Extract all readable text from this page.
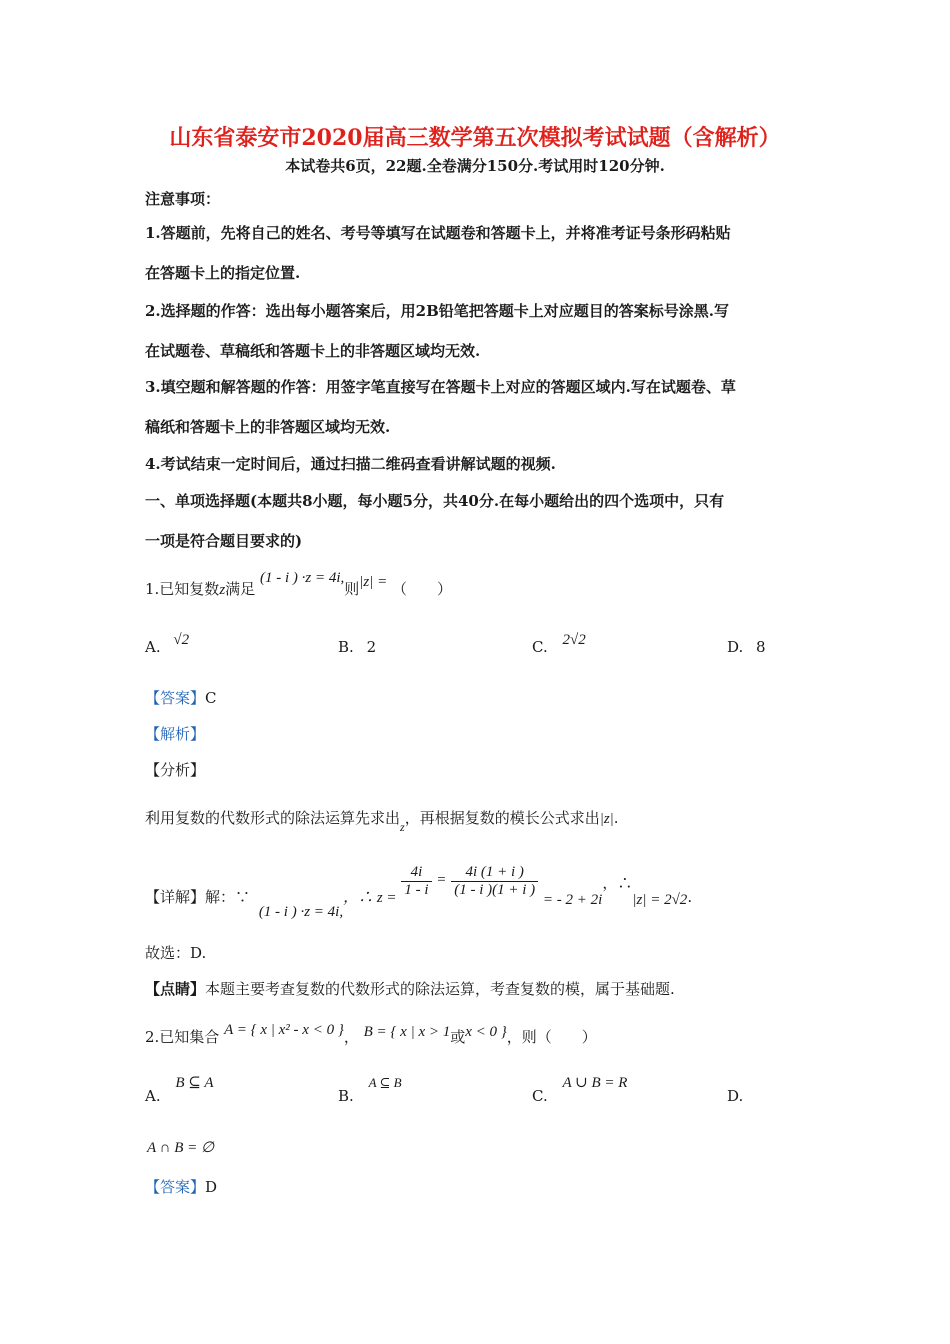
山东省泰安市2020届高三数学第五次模拟考试试题（含解析）
本试卷共6页，22题.全卷满分150分.考试用时120分钟.
注意事项：
1.答题前，先将自己的姓名、考号等填写在试题卷和答题卡上，并将准考证号条形码粘贴
在答题卡上的指定位置.
2.选择题的作答：选出每小题答案后，用2B铅笔把答题卡上对应题目的答案标号涂黑.写
在试题卷、草稿纸和答题卡上的非答题区域均无效.
3.填空题和解答题的作答：用签字笔直接写在答题卡上对应的答题区域内.写在试题卷、草
稿纸和答题卡上的非答题区域均无效.
4.考试结束一定时间后，通过扫描二维码查看讲解试题的视频.
一、单项选择题(本题共8小题，每小题5分，共40分.在每小题给出的四个选项中，只有
一项是符合题目要求的)
1.已知复数z满足 (1 - i ) ·z = 4i,则|z| = （　　）
A. √2	B. 2	C. 2√2	D. 8
【答案】C
【解析】
【分析】
利用复数的代数形式的除法运算先求出$_z$，再根据复数的模长公式求出|z|.
【详解】解：∵ (1 - i ) ·z = 4i,，∴ $z = \frac{4i}{1 - i} = \frac{4i (1 + i )}{(1 - i )(1 + i )}$
= - 2 + 2i，∴|z| = 2√2.
故选：D.
【点睛】本题主要考查复数的代数形式的除法运算，考查复数的模，属于基础题.
2.已知集合 A = { x | x² - x < 0 }， B = { x | x > 1或x < 0 }，则（　　）
A. B ⊆ A
B. A ⊆ B
C. A ∪ B = R
D.
A ∩ B = ∅
【答案】D
